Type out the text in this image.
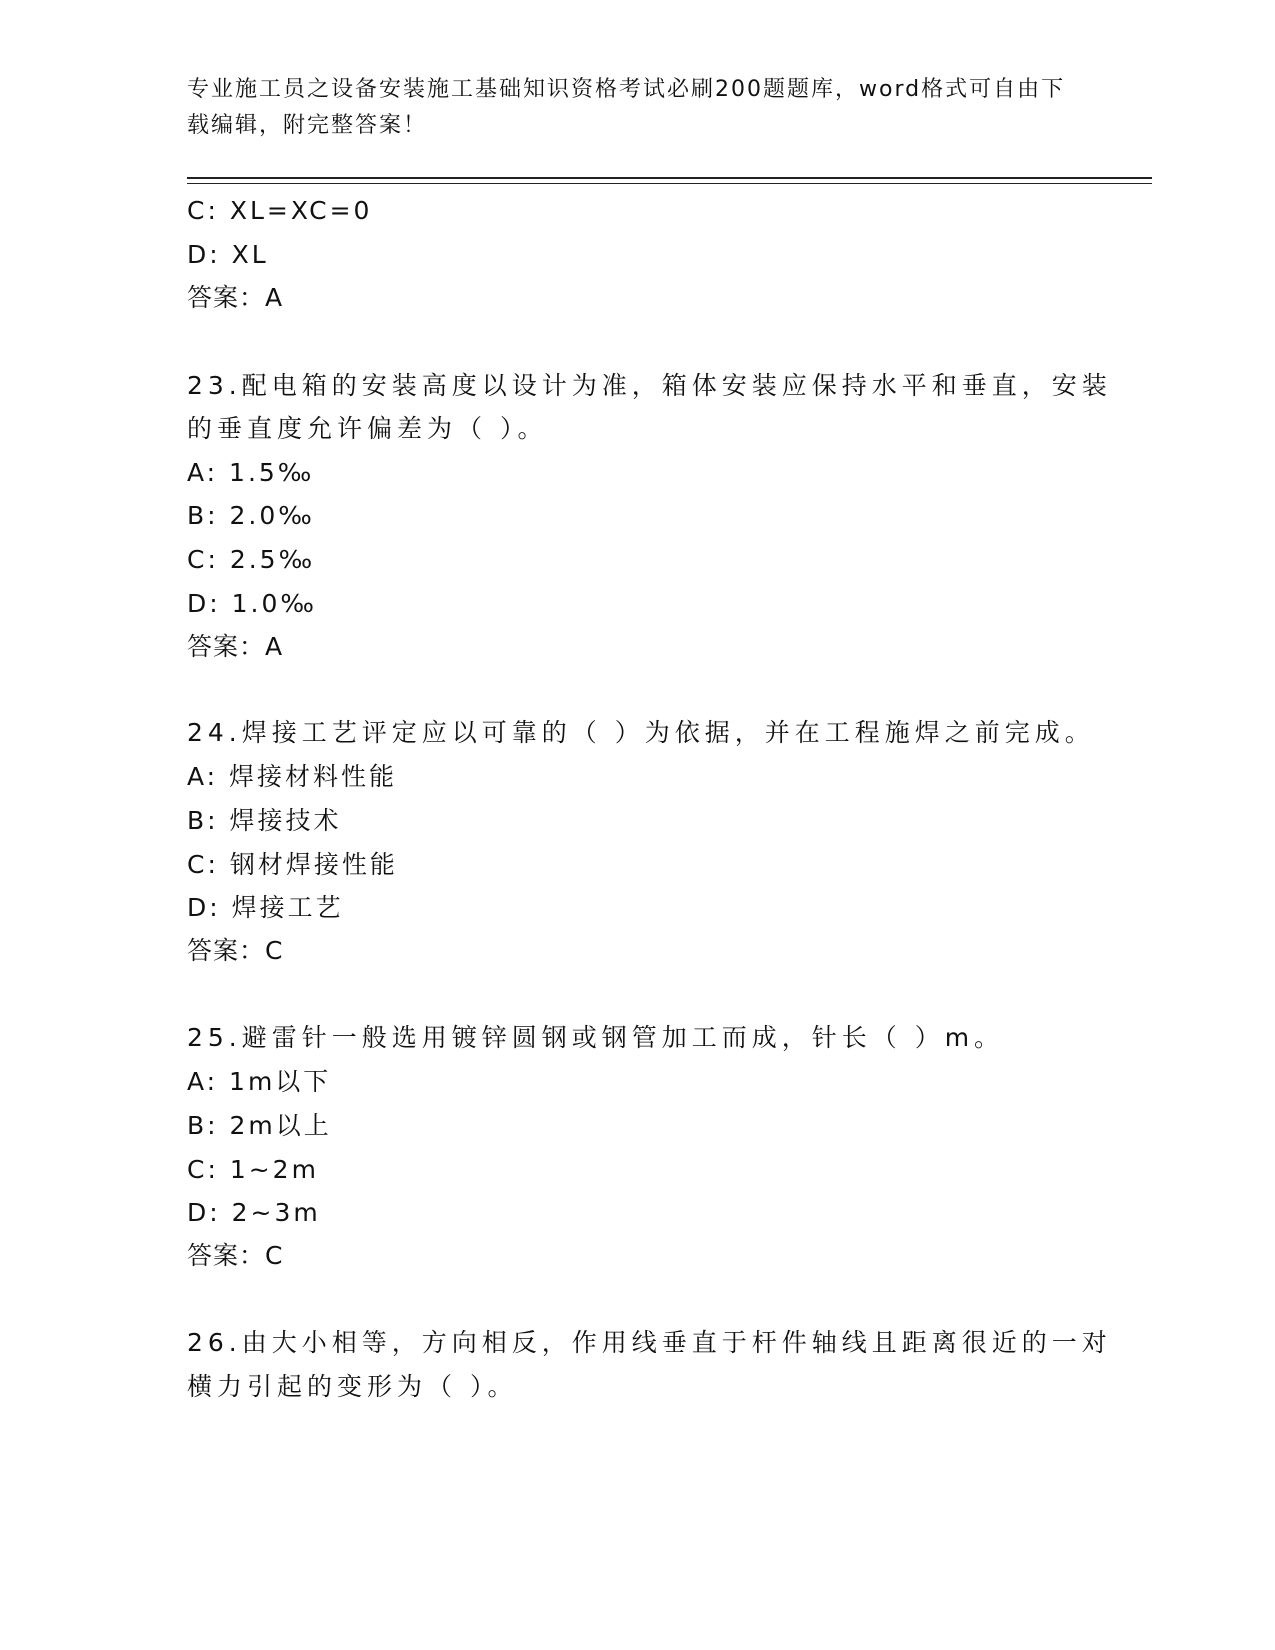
专业施工员之设备安装施工基础知识资格考试必刷200题题库，word格式可自由下载编辑，附完整答案！
C: XL=XC=0
D: XL
答案：A
23.配电箱的安装高度以设计为准，箱体安装应保持水平和垂直，安装
的垂直度允许偏差为（ ）。
A: 1.5‰
B: 2.0‰
C: 2.5‰
D: 1.0‰
答案：A
24.焊接工艺评定应以可靠的（ ）为依据，并在工程施焊之前完成。
A: 焊接材料性能
B: 焊接技术
C: 钢材焊接性能
D: 焊接工艺
答案：C
25.避雷针一般选用镀锌圆钢或钢管加工而成，针长（ ）m。
A: 1m以下
B: 2m以上
C: 1~2m
D: 2~3m
答案：C
26.由大小相等，方向相反，作用线垂直于杆件轴线且距离很近的一对
横力引起的变形为（ ）。
